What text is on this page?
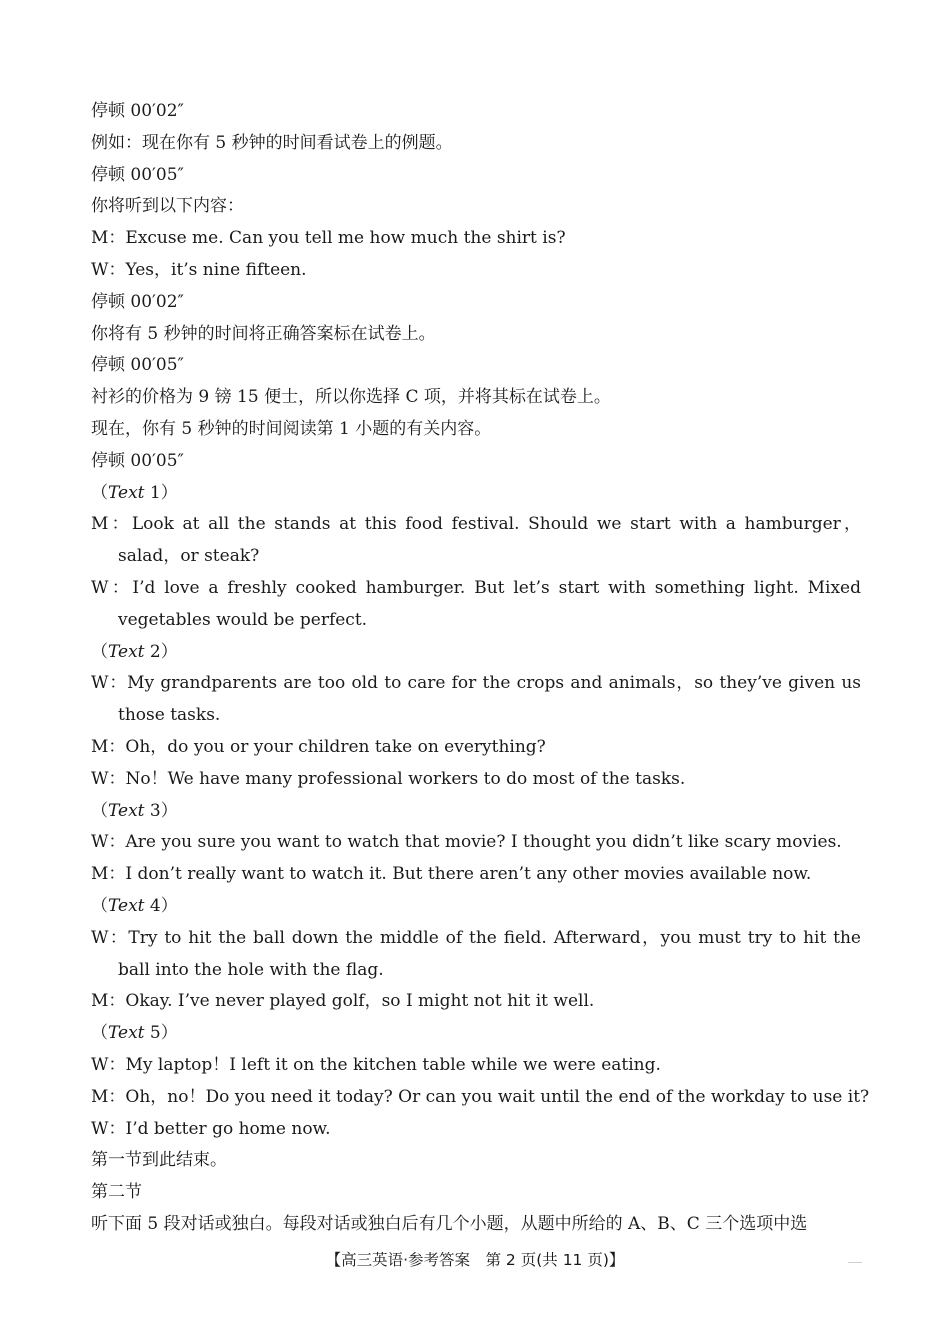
停顿 00′02″
例如：现在你有 5 秒钟的时间看试卷上的例题。
停顿 00′05″
你将听到以下内容：
M：Excuse me. Can you tell me how much the shirt is?
W：Yes，it’s nine fifteen.
停顿 00′02″
你将有 5 秒钟的时间将正确答案标在试卷上。
停顿 00′05″
衬衫的价格为 9 镑 15 便士，所以你选择 C 项，并将其标在试卷上。
现在，你有 5 秒钟的时间阅读第 1 小题的有关内容。
停顿 00′05″
（Text 1）
M：Look at all the stands at this food festival. Should we start with a hamburger，salad，or steak?
W：I’d love a freshly cooked hamburger. But let’s start with something light. Mixed vegetables would be perfect.
（Text 2）
W：My grandparents are too old to care for the crops and animals，so they’ve given us those tasks.
M：Oh，do you or your children take on everything?
W：No！We have many professional workers to do most of the tasks.
（Text 3）
W：Are you sure you want to watch that movie? I thought you didn’t like scary movies.
M：I don’t really want to watch it. But there aren’t any other movies available now.
（Text 4）
W：Try to hit the ball down the middle of the field. Afterward，you must try to hit the ball into the hole with the flag.
M：Okay. I’ve never played golf，so I might not hit it well.
（Text 5）
W：My laptop！I left it on the kitchen table while we were eating.
M：Oh，no！Do you need it today? Or can you wait until the end of the workday to use it?
W：I’d better go home now.
第一节到此结束。
第二节
听下面 5 段对话或独白。每段对话或独白后有几个小题，从题中所给的 A、B、C 三个选项中选
【高三英语·参考答案　第 2 页(共 11 页)】
